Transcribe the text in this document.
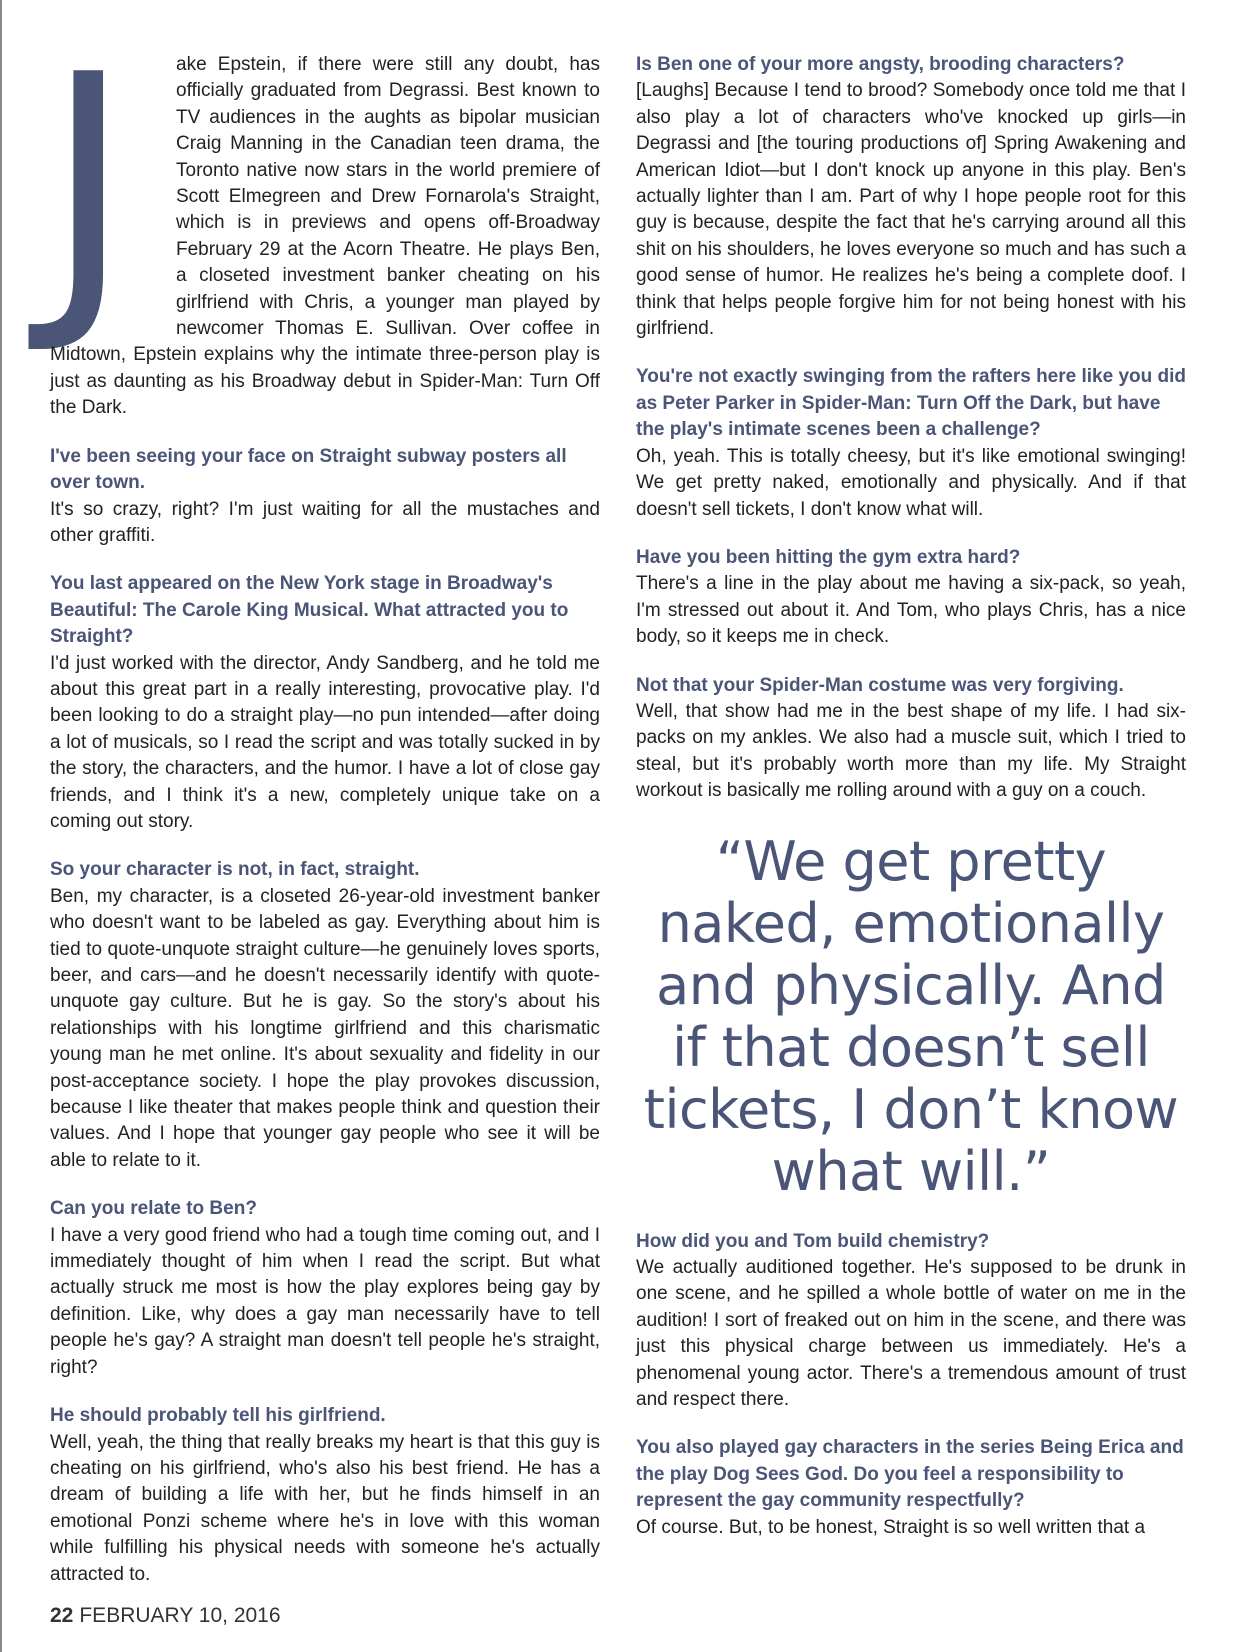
J	ake Epstein, if there were still any doubt, has officially graduated from Degrassi. Best known to TV audiences in the aughts as bipolar musician Craig Manning in the Canadian teen drama, the Toronto native now stars in the world premiere of Scott Elmegreen and Drew Fornarola's Straight, which is in previews and opens off-Broadway February 29 at the Acorn Theatre. He plays Ben, a closeted investment banker cheating on his girlfriend with Chris, a younger man played by newcomer Thomas E. Sullivan. Over coffee in Midtown, Epstein explains why the intimate three-person play is just as daunting as his Broadway debut in Spider-Man: Turn Off the Dark.

I've been seeing your face on Straight subway posters all over town.

It's so crazy, right? I'm just waiting for all the mustaches and other graffiti.

You last appeared on the New York stage in Broadway's Beautiful: The Carole King Musical. What attracted you to Straight?

I'd just worked with the director, Andy Sandberg, and he told me about this great part in a really interesting, provocative play. I'd been looking to do a straight play—no pun intended—after doing a lot of musicals, so I read the script and was totally sucked in by the story, the characters, and the humor. I have a lot of close gay friends, and I think it's a new, completely unique take on a coming out story.

So your character is not, in fact, straight.

Ben, my character, is a closeted 26-year-old investment banker who doesn't want to be labeled as gay. Everything about him is tied to quote-unquote straight culture—he genuinely loves sports, beer, and cars—and he doesn't necessarily identify with quote-unquote gay culture. But he is gay. So the story's about his relationships with his longtime girlfriend and this charismatic young man he met online. It's about sexuality and fidelity in our post-acceptance society. I hope the play provokes discussion, because I like theater that makes people think and question their values. And I hope that younger gay people who see it will be able to relate to it.

Can you relate to Ben?

I have a very good friend who had a tough time coming out, and I immediately thought of him when I read the script. But what actually struck me most is how the play explores being gay by definition. Like, why does a gay man necessarily have to tell people he's gay? A straight man doesn't tell people he's straight, right?

He should probably tell his girlfriend.

Well, yeah, the thing that really breaks my heart is that this guy is cheating on his girlfriend, who's also his best friend. He has a dream of building a life with her, but he finds himself in an emotional Ponzi scheme where he's in love with this woman while fulfilling his physical needs with someone he's actually attracted to.

Is Ben one of your more angsty, brooding characters?

[Laughs] Because I tend to brood? Somebody once told me that I also play a lot of characters who've knocked up girls—in Degrassi and [the touring productions of] Spring Awakening and American Idiot—but I don't knock up anyone in this play. Ben's actually lighter than I am. Part of why I hope people root for this guy is because, despite the fact that he's carrying around all this shit on his shoulders, he loves everyone so much and has such a good sense of humor. He realizes he's being a complete doof. I think that helps people forgive him for not being honest with his girlfriend.

You're not exactly swinging from the rafters here like you did as Peter Parker in Spider-Man: Turn Off the Dark, but have the play's intimate scenes been a challenge?

Oh, yeah. This is totally cheesy, but it's like emotional swinging! We get pretty naked, emotionally and physically. And if that doesn't sell tickets, I don't know what will.

Have you been hitting the gym extra hard?

There's a line in the play about me having a six-pack, so yeah, I'm stressed out about it. And Tom, who plays Chris, has a nice body, so it keeps me in check.

Not that your Spider-Man costume was very forgiving.

Well, that show had me in the best shape of my life. I had six-packs on my ankles. We also had a muscle suit, which I tried to steal, but it's probably worth more than my life. My Straight workout is basically me rolling around with a guy on a couch.

“We get pretty naked, emotionally and physically. And if that doesn’t sell tickets, I don’t know what will.”

How did you and Tom build chemistry?

We actually auditioned together. He's supposed to be drunk in one scene, and he spilled a whole bottle of water on me in the audition! I sort of freaked out on him in the scene, and there was just this physical charge between us immediately. He's a phenomenal young actor. There's a tremendous amount of trust and respect there.

You also played gay characters in the series Being Erica and the play Dog Sees God. Do you feel a responsibility to represent the gay community respectfully?

Of course. But, to be honest, Straight is so well written that a

22 FEBRUARY 10, 2016
